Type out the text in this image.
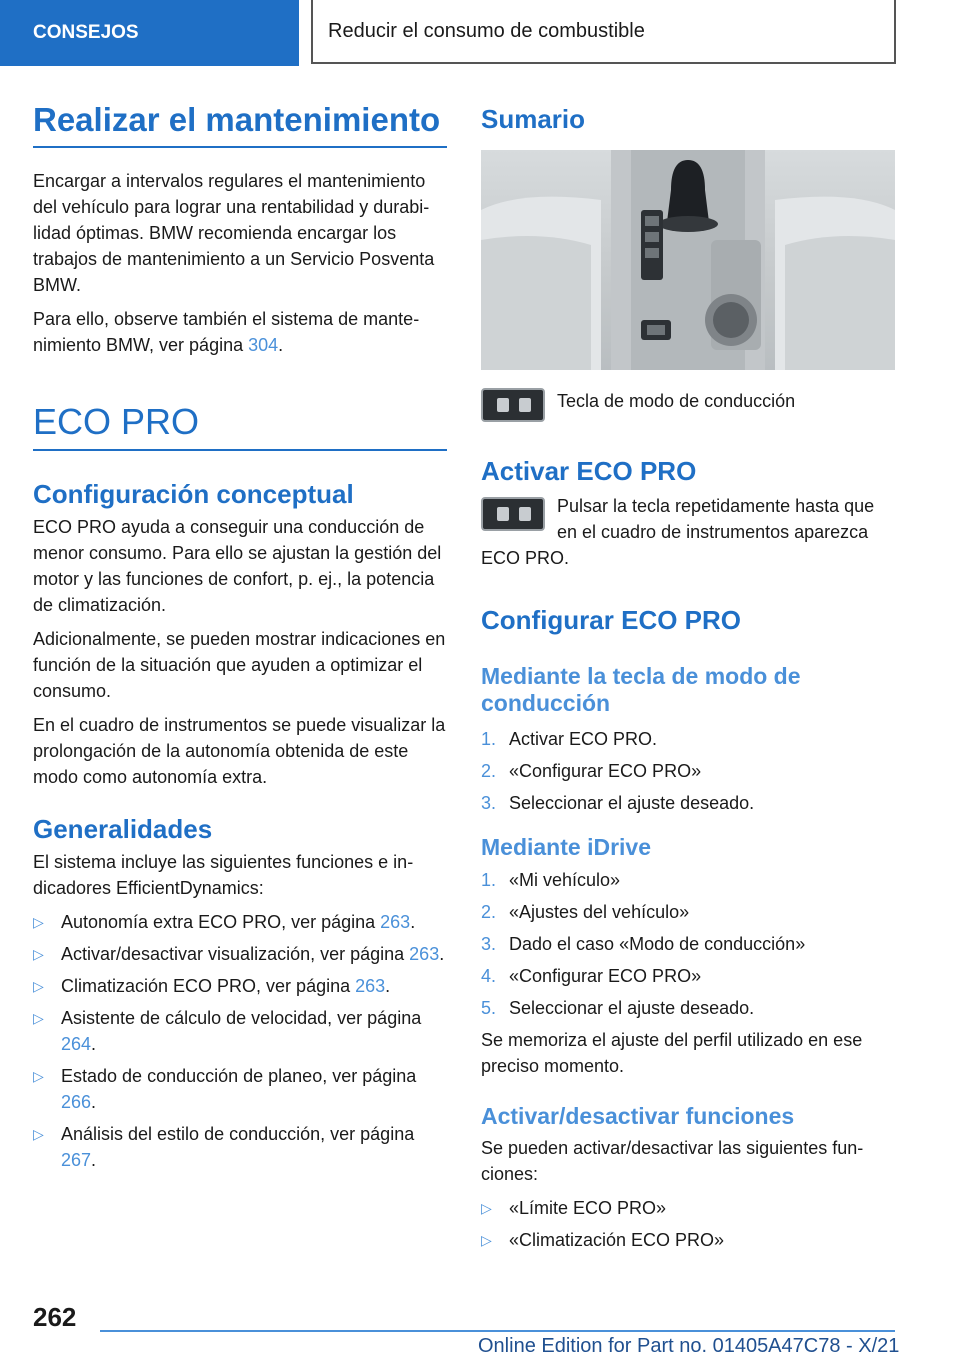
CONSEJOS	Reducir el consumo de combustible
Realizar el mantenimiento

Encargar a intervalos regulares el mantenimiento del vehículo para lograr una rentabilidad y durabilidad óptimas. BMW recomienda encargar los trabajos de mantenimiento a un Servicio Posventa BMW.

Para ello, observe también el sistema de mantenimiento BMW, ver página 304.

ECO PRO
Configuración conceptual

ECO PRO ayuda a conseguir una conducción de menor consumo. Para ello se ajustan la gestión del motor y las funciones de confort, p. ej., la potencia de climatización.

Adicionalmente, se pueden mostrar indicaciones en función de la situación que ayuden a optimizar el consumo.

En el cuadro de instrumentos se puede visualizar la prolongación de la autonomía obtenida de este modo como autonomía extra.

Generalidades

El sistema incluye las siguientes funciones e indicadores EfficientDynamics:

▷ Autonomía extra ECO PRO, ver página 263.
▷ Activar/desactivar visualización, ver página 263.
▷ Climatización ECO PRO, ver página 263.
▷ Asistente de cálculo de velocidad, ver página 264.
▷ Estado de conducción de planeo, ver página 266.
▷ Análisis del estilo de conducción, ver página 267.
Sumario

Tecla de modo de conducción

Activar ECO PRO

Pulsar la tecla repetidamente hasta que en el cuadro de instrumentos aparezca ECO PRO.

Configurar ECO PRO
Mediante la tecla de modo de conducción
1. Activar ECO PRO.
2. «Configurar ECO PRO»
3. Seleccionar el ajuste deseado.
Mediante iDrive
1. «Mi vehículo»
2. «Ajustes del vehículo»
3. Dado el caso «Modo de conducción»
4. «Configurar ECO PRO»
5. Seleccionar el ajuste deseado.

Se memoriza el ajuste del perfil utilizado en ese preciso momento.

Activar/desactivar funciones

Se pueden activar/desactivar las siguientes funciones:

▷ «Límite ECO PRO»
▷ «Climatización ECO PRO»
262
Online Edition for Part no. 01405A47C78 - X/21
